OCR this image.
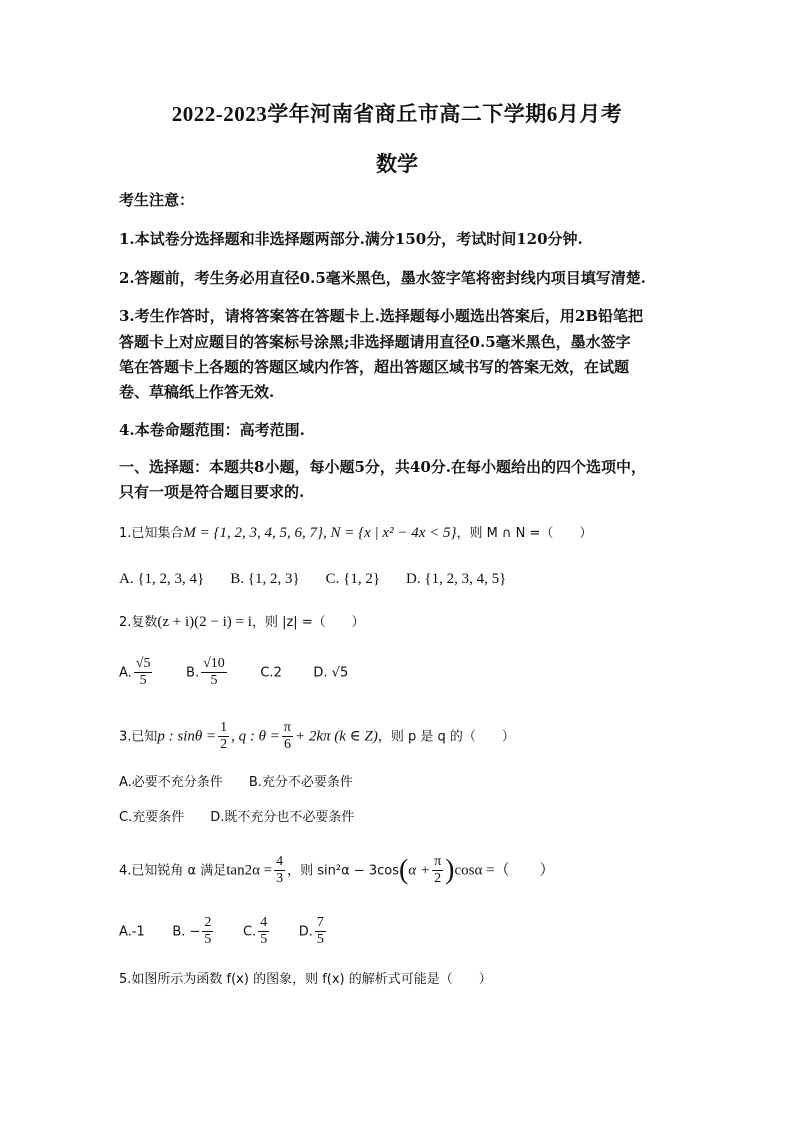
2022-2023学年河南省商丘市高二下学期6月月考
数学
考生注意：
1.本试卷分选择题和非选择题两部分.满分150分，考试时间120分钟.
2.答题前，考生务必用直径0.5毫米黑色，墨水签字笔将密封线内项目填写清楚.
3.考生作答时，请将答案答在答题卡上.选择题每小题选出答案后，用2B铅笔把
答题卡上对应题目的答案标号涂黑;非选择题请用直径0.5毫米黑色，墨水签字
笔在答题卡上各题的答题区域内作答，超出答题区域书写的答案无效，在试题
卷、草稿纸上作答无效.
4.本卷命题范围：高考范围.
一、选择题：本题共8小题，每小题5分，共40分.在每小题给出的四个选项中，
只有一项是符合题目要求的.
1.已知集合M = {1, 2, 3, 4, 5, 6, 7}, N = {x | x² − 4x < 5}，则 M ∩ N =（　　）
A. {1, 2, 3, 4} B. {1, 2, 3} C. {1, 2} D. {1, 2, 3, 4, 5}
2.复数(z + i)(2 − i) = i，则 |z| =（　　）
A. $\frac{√5}{5}$	B. $\frac{√10}{5}$	C.2 D. √5
3.已知p : $\sin\theta = \frac{1}{2}$ , q : $\theta = \frac{\pi}{6} + 2k\pi$ (k ∈ Z)，则 p 是 q 的（　　）
A.必要不充分条件 B.充分不必要条件
C.充要条件 D.既不充分也不必要条件
4.已知锐角 α 满足$\tan 2\alpha = \frac{4}{3}$ ，则 $\sin^2\alpha - 3\cos(\alpha + \frac{\pi}{2} )\cos\alpha$ =（　　）
A.-1 B. − $\frac{2}{5} C$. $\frac{4}{5} D$. $\frac{7}{5}$
5.如图所示为函数 f(x) 的图象，则 f(x) 的解析式可能是（　　）
